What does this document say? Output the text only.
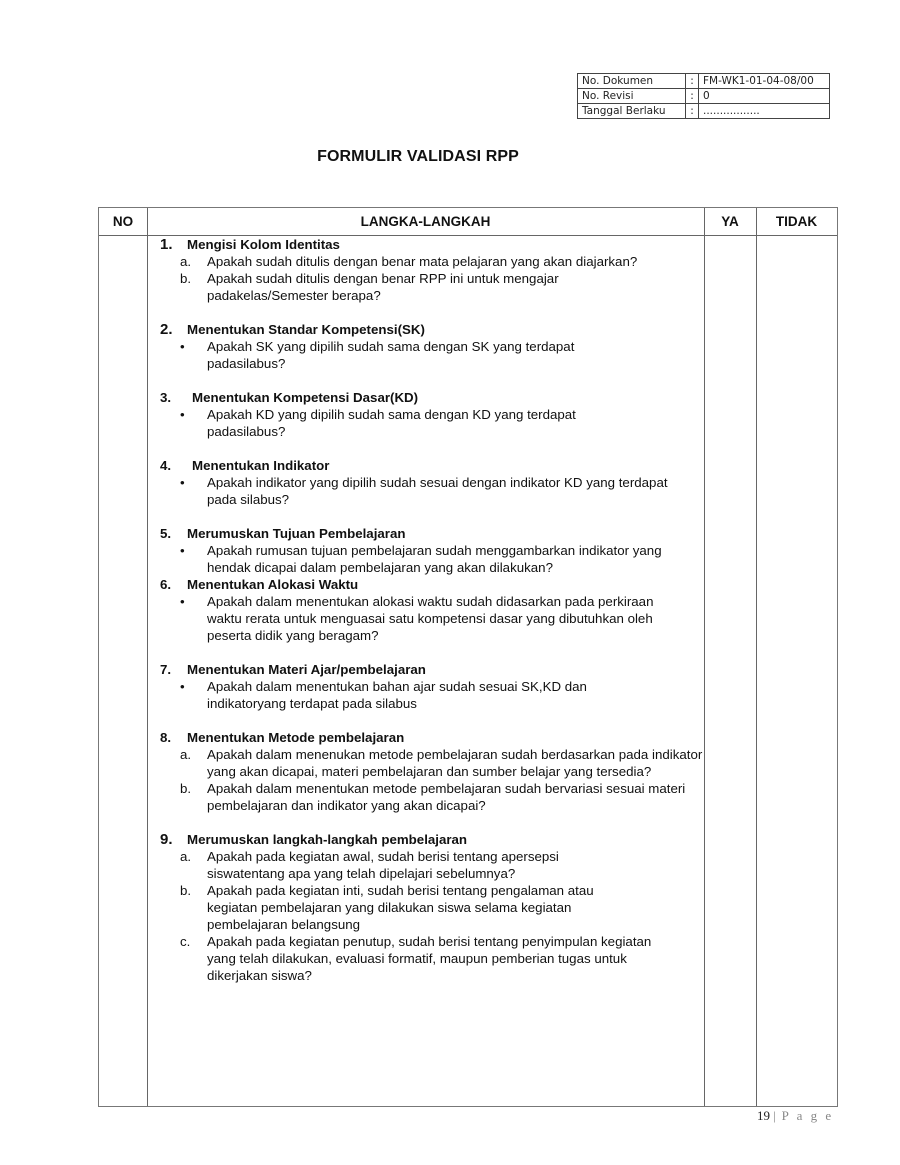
No. Dokumen	:	FM-WK1-01-04-08/00
No. Revisi	:	0
Tanggal Berlaku	:	.................
FORMULIR VALIDASI RPP
NO	LANGKA-LANGKAH	YA	TIDAK
1.	Mengisi Kolom Identitas
a.	Apakah sudah ditulis dengan benar mata pelajaran yang akan diajarkan?
b.	Apakah sudah ditulis dengan benar RPP ini untuk mengajar padakelas/Semester berapa?
2.	Menentukan Standar Kompetensi(SK)
•	Apakah SK yang dipilih sudah sama dengan SK yang terdapat padasilabus?
3.	Menentukan Kompetensi Dasar(KD)
•	Apakah KD yang dipilih sudah sama dengan KD yang terdapat padasilabus?
4.	Menentukan Indikator
•	Apakah indikator yang dipilih sudah sesuai dengan indikator KD yang terdapat pada silabus?
5.	Merumuskan Tujuan Pembelajaran
•	Apakah rumusan tujuan pembelajaran sudah menggambarkan indikator yang hendak dicapai dalam pembelajaran yang akan dilakukan?
6.	Menentukan Alokasi Waktu
•	Apakah dalam menentukan alokasi waktu sudah didasarkan pada perkiraan waktu rerata untuk menguasai satu kompetensi dasar yang dibutuhkan oleh peserta didik yang beragam?
7.	Menentukan Materi Ajar/pembelajaran
•	Apakah dalam menentukan bahan ajar sudah sesuai SK,KD dan indikatoryang terdapat pada silabus
8.	Menentukan Metode pembelajaran
a.	Apakah dalam menenukan metode pembelajaran sudah berdasarkan pada indikator yang akan dicapai, materi pembelajaran dan sumber belajar yang tersedia?
b.	Apakah dalam menentukan metode pembelajaran sudah bervariasi sesuai materi pembelajaran dan indikator yang akan dicapai?
9.	Merumuskan langkah-langkah pembelajaran
a.	Apakah pada kegiatan awal, sudah berisi tentang apersepsi siswatentang apa yang telah dipelajari sebelumnya?
b.	Apakah pada kegiatan inti, sudah berisi tentang pengalaman atau kegiatan pembelajaran yang dilakukan siswa selama kegiatan pembelajaran belangsung
c.	Apakah pada kegiatan penutup, sudah berisi tentang penyimpulan kegiatan yang telah dilakukan, evaluasi formatif, maupun pemberian tugas untuk dikerjakan siswa?
19 | P a g e
